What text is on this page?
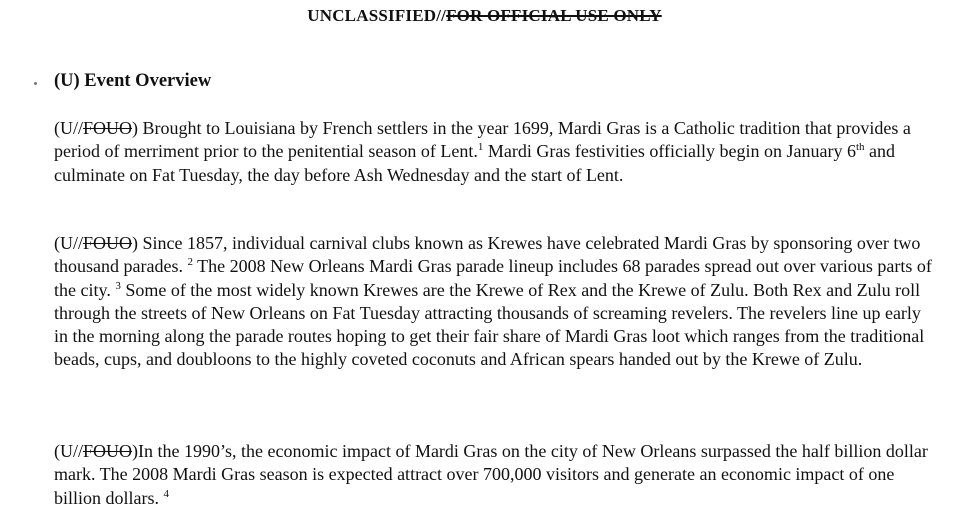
UNCLASSIFIED//FOR OFFICIAL USE ONLY
(U) Event Overview

(U//FOUO) Brought to Louisiana by French settlers in the year 1699, Mardi Gras is a Catholic tradition that provides a period of merriment prior to the penitential season of Lent.$^1$ Mardi Gras festivities officially begin on January 6th and culminate on Fat Tuesday, the day before Ash Wednesday and the start of Lent.

(U//FOUO) Since 1857, individual carnival clubs known as Krewes have celebrated Mardi Gras by sponsoring over two thousand parades. $^2$ The 2008 New Orleans Mardi Gras parade lineup includes 68 parades spread out over various parts of the city. $^3$ Some of the most widely known Krewes are the Krewe of Rex and the Krewe of Zulu. Both Rex and Zulu roll through the streets of New Orleans on Fat Tuesday attracting thousands of screaming revelers. The revelers line up early in the morning along the parade routes hoping to get their fair share of Mardi Gras loot which ranges from the traditional beads, cups, and doubloons to the highly coveted coconuts and African spears handed out by the Krewe of Zulu.

(U//FOUO)In the 1990’s, the economic impact of Mardi Gras on the city of New Orleans surpassed the half billion dollar mark. The 2008 Mardi Gras season is expected attract over 700,000 visitors and generate an economic impact of one billion dollars. $^4$
